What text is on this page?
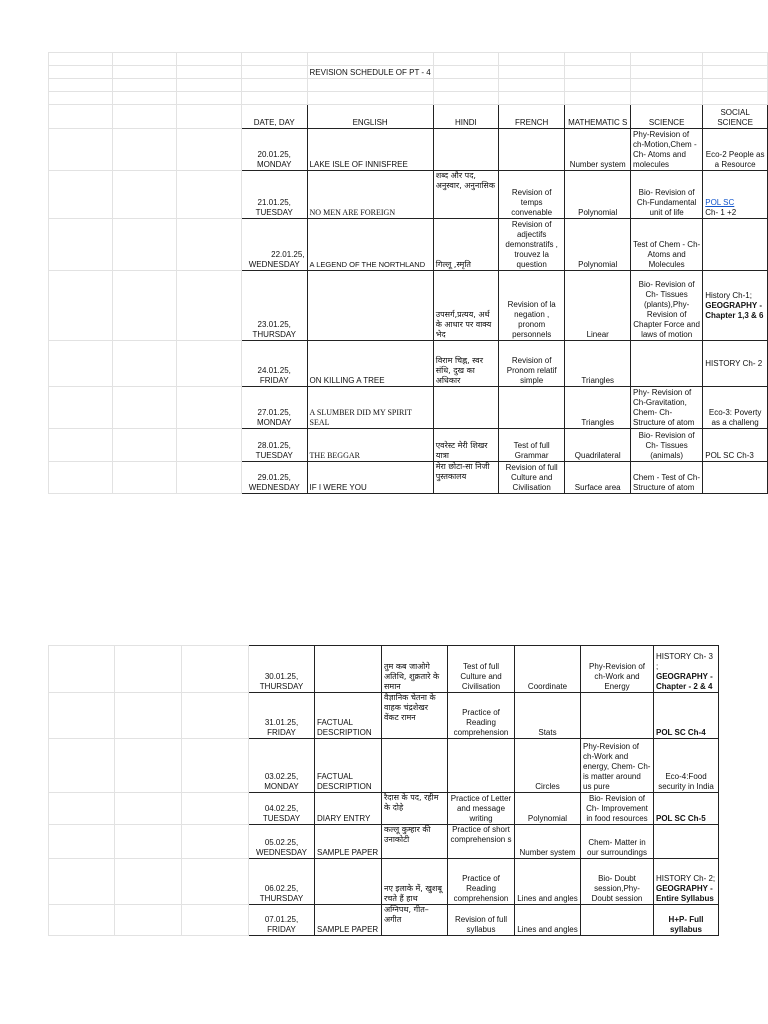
				REVISION SCHEDULE OF PT - 4					

			DATE, DAY	ENGLISH	HINDI	FRENCH	MATHEMATIC S	SCIENCE	SOCIAL SCIENCE
			20.01.25,
MONDAY	LAKE ISLE OF INNISFREE			Number system	Phy-Revision of ch-Motion,Chem -Ch- Atoms and molecules	Eco-2 People as a Resource
			21.01.25,
TUESDAY	NO MEN ARE FOREIGN	शब्द और पद, अनुस्वार, अनुनासिक	Revision of temps convenable	Polynomial	Bio- Revision of Ch-Fundamental unit of life	POL SC
Ch- 1 +2

			22.01.25,
WEDNESDAY	A LEGEND OF THE NORTHLAND	गिल्लू ,स्मृति	Revision of adjectifs demonstratifs , trouvez la question	Polynomial	Test of Chem - Ch- Atoms and Molecules	
			23.01.25,
THURSDAY		उपसर्ग,प्रत्यय, अर्थ के आधार पर वाक्य भेद	Revision of la negation , pronom personnels	Linear	Bio- Revision of Ch- Tissues (plants),Phy- Revision of Chapter Force and laws of motion	History Ch-1;
GEOGRAPHY - Chapter 1,3 & 6
			24.01.25,
FRIDAY	ON KILLING A TREE	विराम चिह्न, स्वर संधि, दुख का अधिकार	Revision of Pronom relatif simple	Triangles		HISTORY Ch- 2
			27.01.25,
MONDAY	A SLUMBER DID MY SPIRIT SEAL			Triangles	Phy- Revision of Ch-Gravitation, Chem- Ch- Structure of atom	Eco-3: Poverty as a challeng
			28.01.25,
TUESDAY	THE BEGGAR	एवरेस्ट मेरी शिखर यात्रा	Test of full Grammar	Quadrilateral	Bio- Revision of Ch- Tissues (animals)	POL SC Ch-3
			29.01.25,
WEDNESDAY	IF I WERE YOU	मेरा छोटा-सा निजी पुस्तकालय	Revision of full Culture and Civilisation	Surface area	Chem - Test of Ch- Structure of atom	
			30.01.25,
THURSDAY		तुम कब जाओगे अतिथि, शुक्रतारे के समान	Test of full Culture and Civilisation	Coordinate	Phy-Revision of ch-Work and Energy	HISTORY Ch- 3 ;
GEOGRAPHY - Chapter - 2 & 4
			31.01.25,
FRIDAY	FACTUAL DESCRIPTION	वैज्ञानिक चेतना के वाहक चंद्रशेखर वेंकट रामन	Practice of Reading comprehension	Stats		POL SC Ch-4
			03.02.25,
MONDAY	FACTUAL DESCRIPTION			Circles	Phy-Revision of ch-Work and energy, Chem- Ch- is matter around us pure	Eco-4:Food security in India
			04.02.25,
TUESDAY	DIARY ENTRY	रैदास के पद, रहीम के दोहे	Practice of Letter and message writing	Polynomial	Bio- Revision of Ch- Improvement in food resources	POL SC Ch-5
			05.02.25,
WEDNESDAY	SAMPLE PAPER	कल्लू कुम्हार की उनाकोटी	Practice of short comprehension s	Number system	Chem- Matter in our surroundings	
			06.02.25,
THURSDAY		नए इलाके में, खुशबू रचते हैं हाथ	Practice of Reading comprehension	Lines and angles	Bio- Doubt session,Phy- Doubt session	HISTORY Ch- 2;
GEOGRAPHY - Entire Syllabus
			07.01.25,
FRIDAY	SAMPLE PAPER	अग्निपथ, गीत–अगीत	Revision of full syllabus	Lines and angles		H+P- Full syllabus
